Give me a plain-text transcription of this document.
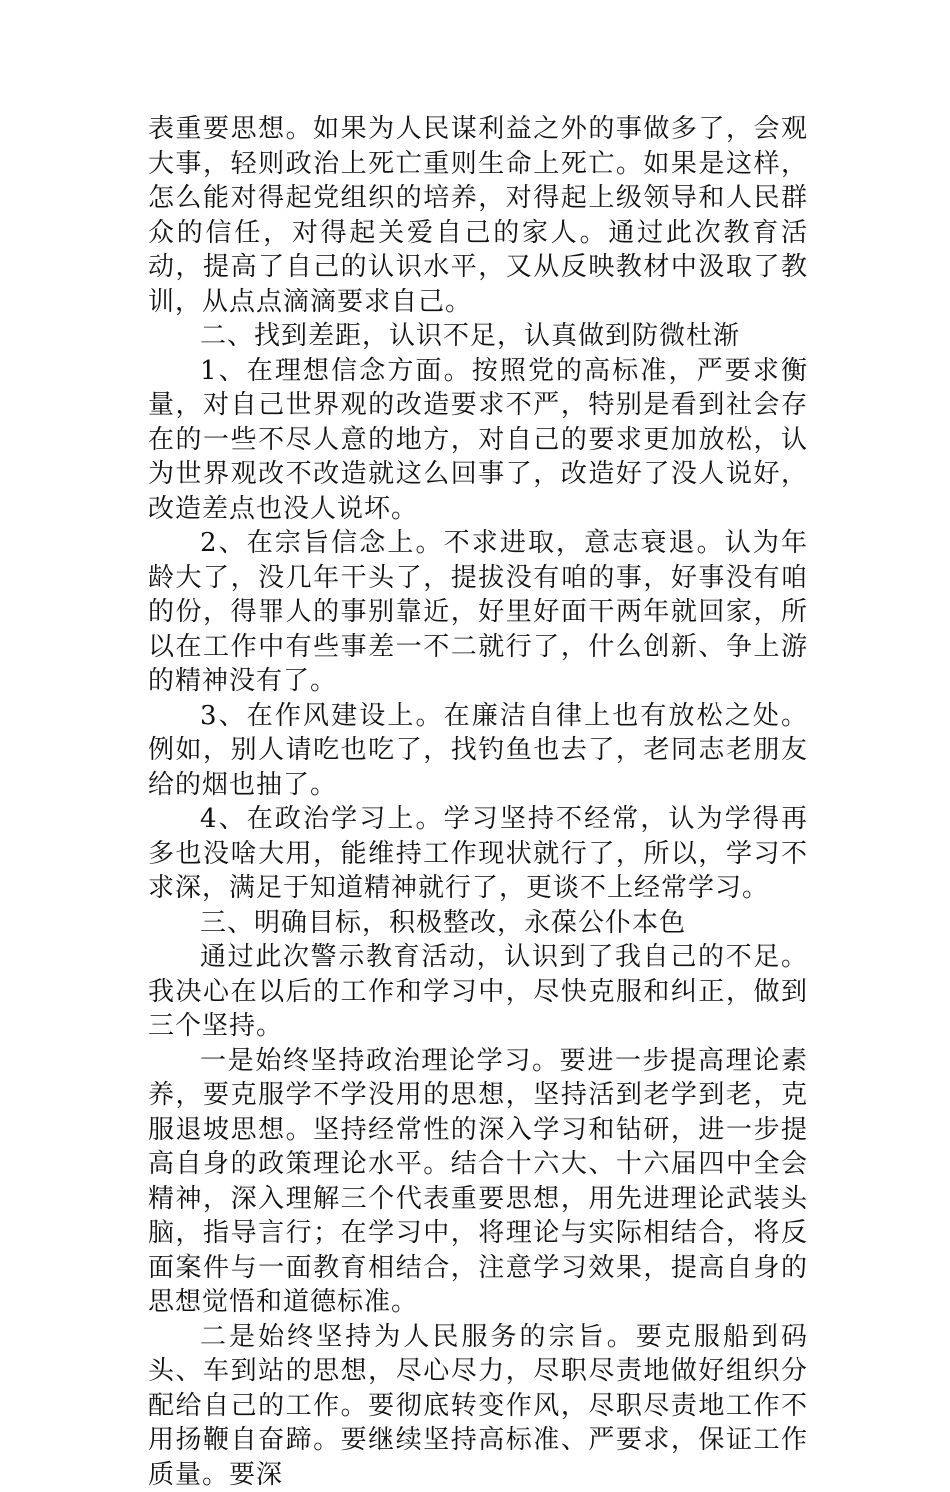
表重要思想。如果为人民谋利益之外的事做多了，会观大事，轻则政治上死亡重则生命上死亡。如果是这样，怎么能对得起党组织的培养，对得起上级领导和人民群众的信任，对得起关爱自己的家人。通过此次教育活动，提高了自己的认识水平，又从反映教材中汲取了教训，从点点滴滴要求自己。

二、找到差距，认识不足，认真做到防微杜渐

1、在理想信念方面。按照党的高标准，严要求衡量，对自己世界观的改造要求不严，特别是看到社会存在的一些不尽人意的地方，对自己的要求更加放松，认为世界观改不改造就这么回事了，改造好了没人说好，改造差点也没人说坏。

2、在宗旨信念上。不求进取，意志衰退。认为年龄大了，没几年干头了，提拔没有咱的事，好事没有咱的份，得罪人的事别靠近，好里好面干两年就回家，所以在工作中有些事差一不二就行了，什么创新、争上游的精神没有了。

3、在作风建设上。在廉洁自律上也有放松之处。例如，别人请吃也吃了，找钓鱼也去了，老同志老朋友给的烟也抽了。

4、在政治学习上。学习坚持不经常，认为学得再多也没啥大用，能维持工作现状就行了，所以，学习不求深，满足于知道精神就行了，更谈不上经常学习。

三、明确目标，积极整改，永葆公仆本色

通过此次警示教育活动，认识到了我自己的不足。我决心在以后的工作和学习中，尽快克服和纠正，做到三个坚持。

一是始终坚持政治理论学习。要进一步提高理论素养，要克服学不学没用的思想，坚持活到老学到老，克服退坡思想。坚持经常性的深入学习和钻研，进一步提高自身的政策理论水平。结合十六大、十六届四中全会精神，深入理解三个代表重要思想，用先进理论武装头脑，指导言行；在学习中，将理论与实际相结合，将反面案件与一面教育相结合，注意学习效果，提高自身的思想觉悟和道德标准。

二是始终坚持为人民服务的宗旨。要克服船到码头、车到站的思想，尽心尽力，尽职尽责地做好组织分配给自己的工作。要彻底转变作风，尽职尽责地工作不用扬鞭自奋蹄。要继续坚持高标准、严要求，保证工作质量。要深
